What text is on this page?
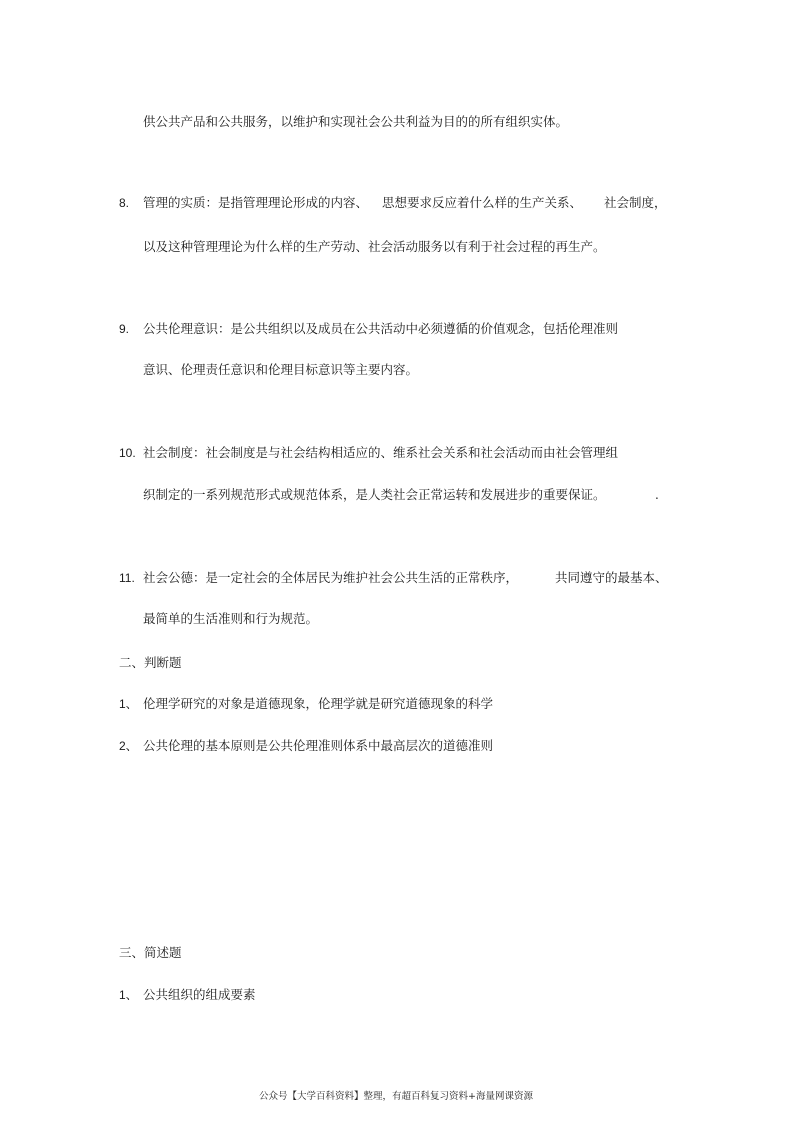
供公共产品和公共服务，以维护和实现社会公共利益为目的的所有组织实体。
8. 管理的实质：是指管理理论形成的内容、 思想要求反应着什么样的生产关系、 社会制度，
以及这种管理理论为什么样的生产劳动、社会活动服务以有利于社会过程的再生产。
9. 公共伦理意识：是公共组织以及成员在公共活动中必须遵循的价值观念，包括伦理准则
意识、伦理责任意识和伦理目标意识等主要内容。
10. 社会制度：社会制度是与社会结构相适应的、维系社会关系和社会活动而由社会管理组
织制定的一系列规范形式或规范体系，是人类社会正常运转和发展进步的重要保证。	.
11. 社会公德：是一定社会的全体居民为维护社会公共生活的正常秩序，	共同遵守的最基本、
最简单的生活准则和行为规范。
二、判断题
1、 伦理学研究的对象是道德现象，伦理学就是研究道德现象的科学
2、 公共伦理的基本原则是公共伦理准则体系中最高层次的道德准则
三、简述题
1、 公共组织的组成要素
公众号【大学百科资料】整理，有超百科复习资料+海量网课资源
